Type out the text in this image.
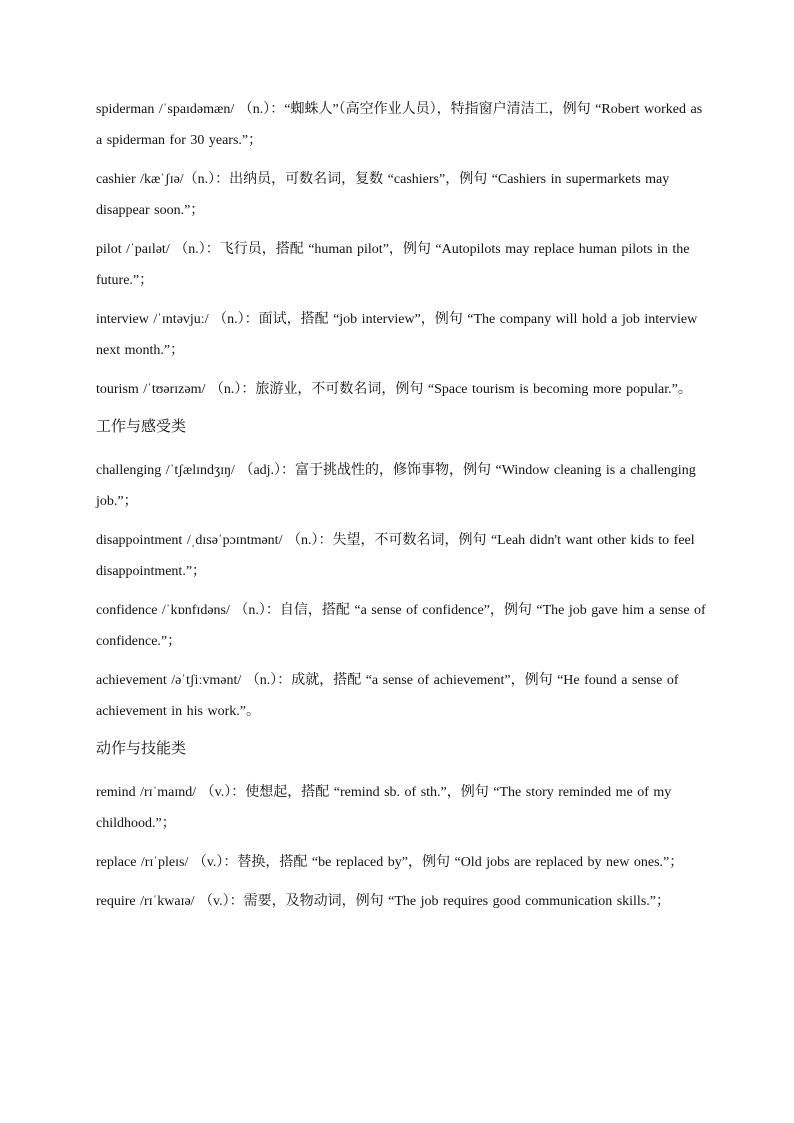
spiderman /ˈspaɪdəmæn/ （n.）：“蜘蛛人”（高空作业人员），特指窗户清洁工，例句 “Robert worked as a spiderman for 30 years.”；

cashier /kæˈʃɪə/（n.）：出纳员，可数名词，复数 “cashiers”，例句 “Cashiers in supermarkets may disappear soon.”；

pilot /ˈpaɪlət/ （n.）：飞行员，搭配 “human pilot”，例句 “Autopilots may replace human pilots in the future.”；

interview /ˈɪntəvjuː/ （n.）：面试，搭配 “job interview”，例句 “The company will hold a job interview next month.”；

tourism /ˈtʊərɪzəm/ （n.）：旅游业，不可数名词，例句 “Space tourism is becoming more popular.”。

工作与感受类

challenging /ˈtʃælɪndʒɪŋ/ （adj.）：富于挑战性的，修饰事物，例句 “Window cleaning is a challenging job.”；

disappointment /ˌdɪsəˈpɔɪntmənt/ （n.）：失望，不可数名词，例句 “Leah didn't want other kids to feel disappointment.”；

confidence /ˈkɒnfɪdəns/ （n.）：自信，搭配 “a sense of confidence”，例句 “The job gave him a sense of confidence.”；

achievement /əˈtʃiːvmənt/ （n.）：成就，搭配 “a sense of achievement”，例句 “He found a sense of achievement in his work.”。

动作与技能类

remind /rɪˈmaɪnd/ （v.）：使想起，搭配 “remind sb. of sth.”，例句 “The story reminded me of my childhood.”；

replace /rɪˈpleɪs/ （v.）：替换，搭配 “be replaced by”，例句 “Old jobs are replaced by new ones.”；

require /rɪˈkwaɪə/ （v.）：需要，及物动词，例句 “The job requires good communication skills.”；
